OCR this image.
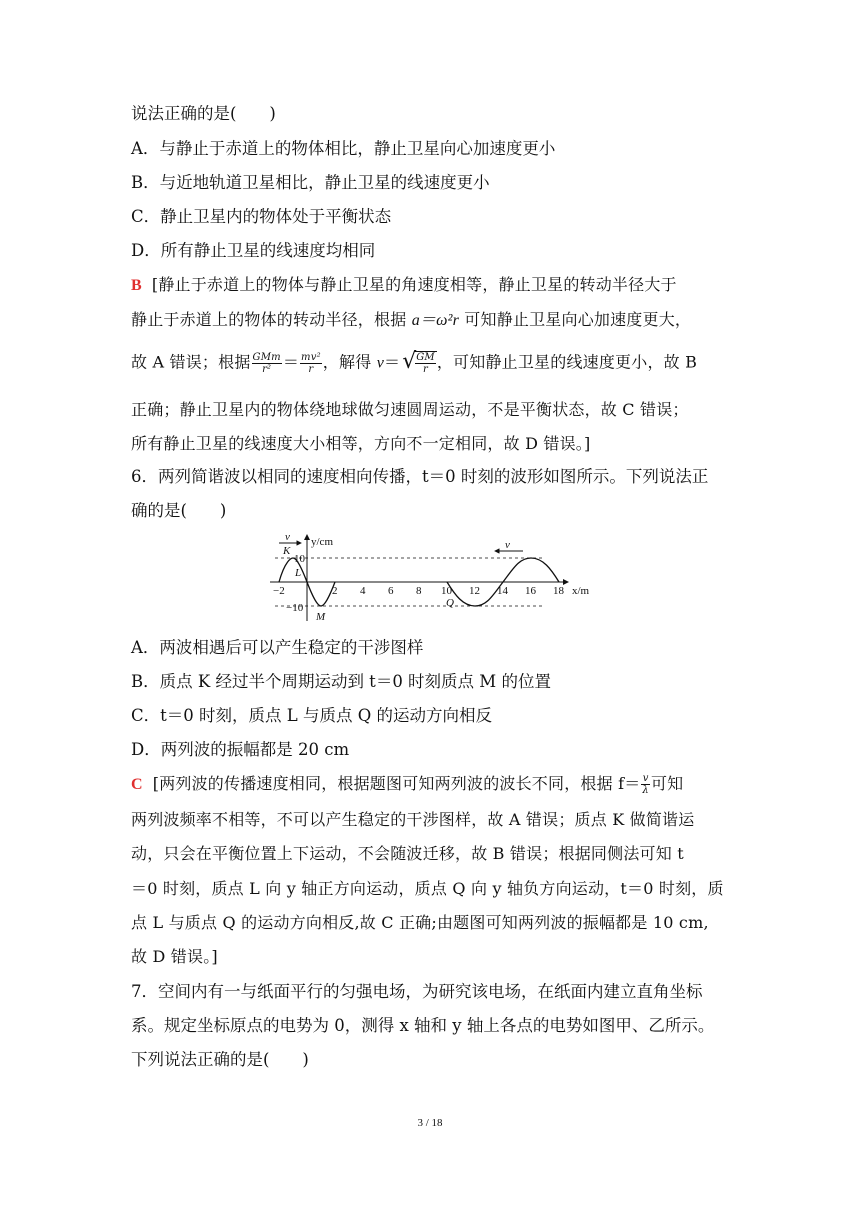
说法正确的是(　　)
A．与静止于赤道上的物体相比，静止卫星向心加速度更小
B．与近地轨道卫星相比，静止卫星的线速度更小
C．静止卫星内的物体处于平衡状态
D．所有静止卫星的线速度均相同
B [静止于赤道上的物体与静止卫星的角速度相等，静止卫星的转动半径大于
静止于赤道上的物体的转动半径，根据 a＝ω²r 可知静止卫星向心加速度更大，
故 A 错误；根据 $\frac{\text{GMm}}{\text{r²}} = \frac{\text{mv²}}{r}$ ，解得 v＝ √
$\frac{GM}{r}$ ，可知静止卫星的线速度更小，故 B
正确；静止卫星内的物体绕地球做匀速圆周运动，不是平衡状态，故 C 错误；
所有静止卫星的线速度大小相等，方向不一定相同，故 D 错误。]
6．两列简谐波以相同的速度相向传播，t＝0 时刻的波形如图所示。下列说法正
确的是(　　)
10
−10
y/cm
x/m
−2	2 4 6 8 10 12 14 16 18
K
L
M
Q
v
v
A．两波相遇后可以产生稳定的干涉图样
B．质点 K 经过半个周期运动到 t＝0 时刻质点 M 的位置
C．t＝0 时刻，质点 L 与质点 Q 的运动方向相反
D．两列波的振幅都是 20 cm
C [两列波的传播速度相同，根据题图可知两列波的波长不同，根据 $f= \frac{v}{\lambda}$ 可知
两列波频率不相等，不可以产生稳定的干涉图样，故 A 错误；质点 K 做简谐运
动，只会在平衡位置上下运动，不会随波迁移，故 B 错误；根据同侧法可知 t
＝0 时刻，质点 L 向 y 轴正方向运动，质点 Q 向 y 轴负方向运动，t＝0 时刻，质
点 L 与质点 Q 的运动方向相反,故 C 正确;由题图可知两列波的振幅都是 10 cm,
故 D 错误。]
7．空间内有一与纸面平行的匀强电场，为研究该电场，在纸面内建立直角坐标
系。规定坐标原点的电势为 0，测得 x 轴和 y 轴上各点的电势如图甲、乙所示。
下列说法正确的是(　　)
3 / 18
